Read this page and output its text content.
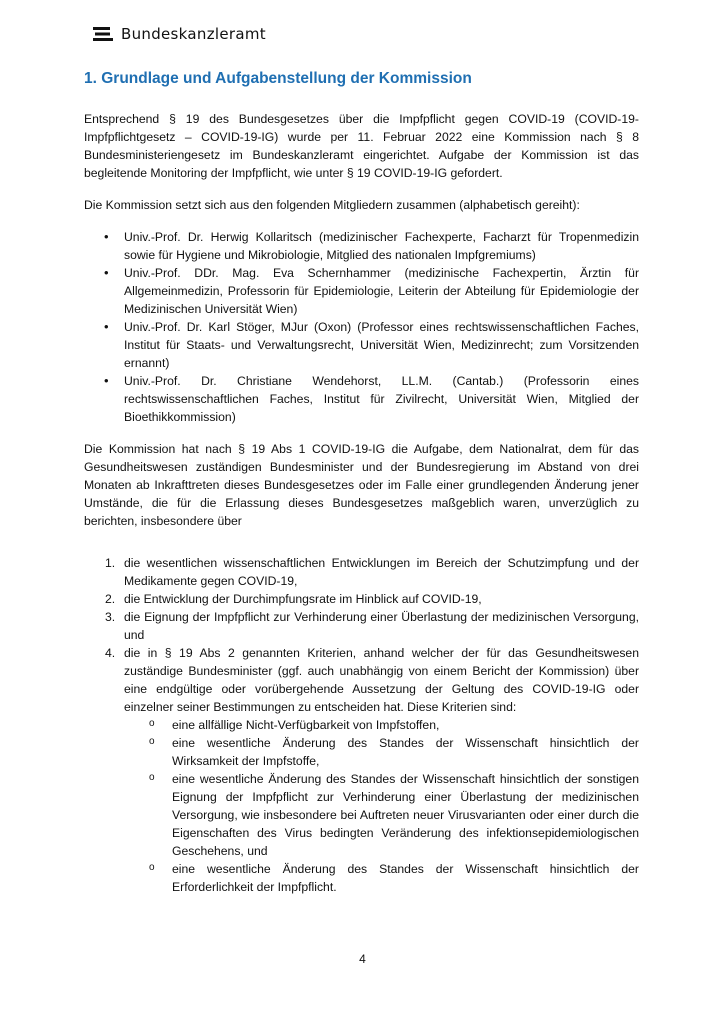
Bundeskanzleramt
1. Grundlage und Aufgabenstellung der Kommission

Entsprechend § 19 des Bundesgesetzes über die Impfpflicht gegen COVID-19 (COVID-19-Impfpflichtgesetz – COVID-19-IG) wurde per 11. Februar 2022 eine Kommission nach § 8 Bundesministeriengesetz im Bundeskanzleramt eingerichtet. Aufgabe der Kommission ist das begleitende Monitoring der Impfpflicht, wie unter § 19 COVID-19-IG gefordert.

Die Kommission setzt sich aus den folgenden Mitgliedern zusammen (alphabetisch gereiht):

• Univ.-Prof. Dr. Herwig Kollaritsch (medizinischer Fachexperte, Facharzt für Tropenmedizin sowie für Hygiene und Mikrobiologie, Mitglied des nationalen Impfgremiums)
• Univ.-Prof. DDr. Mag. Eva Schernhammer (medizinische Fachexpertin, Ärztin für Allgemeinmedizin, Professorin für Epidemiologie, Leiterin der Abteilung für Epidemiologie der Medizinischen Universität Wien)
• Univ.-Prof. Dr. Karl Stöger, MJur (Oxon) (Professor eines rechtswissenschaftlichen Faches, Institut für Staats- und Verwaltungsrecht, Universität Wien, Medizinrecht; zum Vorsitzenden ernannt)
• Univ.-Prof. Dr. Christiane Wendehorst, LL.M. (Cantab.) (Professorin eines rechtswissenschaftlichen Faches, Institut für Zivilrecht, Universität Wien, Mitglied der Bioethikkommission)

Die Kommission hat nach § 19 Abs 1 COVID-19-IG die Aufgabe, dem Nationalrat, dem für das Gesundheitswesen zuständigen Bundesminister und der Bundesregierung im Abstand von drei Monaten ab Inkrafttreten dieses Bundesgesetzes oder im Falle einer grundlegenden Änderung jener Umstände, die für die Erlassung dieses Bundesgesetzes maßgeblich waren, unverzüglich zu berichten, insbesondere über

1. die wesentlichen wissenschaftlichen Entwicklungen im Bereich der Schutzimpfung und der Medikamente gegen COVID-19,
2. die Entwicklung der Durchimpfungsrate im Hinblick auf COVID-19,
3. die Eignung der Impfpflicht zur Verhinderung einer Überlastung der medizinischen Versorgung, und
4. die in § 19 Abs 2 genannten Kriterien, anhand welcher der für das Gesundheitswesen zuständige Bundesminister (ggf. auch unabhängig von einem Bericht der Kommission) über eine endgültige oder vorübergehende Aussetzung der Geltung des COVID-19-IG oder einzelner seiner Bestimmungen zu entscheiden hat. Diese Kriterien sind:
o eine allfällige Nicht-Verfügbarkeit von Impfstoffen,
o eine wesentliche Änderung des Standes der Wissenschaft hinsichtlich der Wirksamkeit der Impfstoffe,
o eine wesentliche Änderung des Standes der Wissenschaft hinsichtlich der sonstigen Eignung der Impfpflicht zur Verhinderung einer Überlastung der medizinischen Versorgung, wie insbesondere bei Auftreten neuer Virusvarianten oder einer durch die Eigenschaften des Virus bedingten Veränderung des infektionsepidemiologischen Geschehens, und
o eine wesentliche Änderung des Standes der Wissenschaft hinsichtlich der Erforderlichkeit der Impfpflicht.
4
